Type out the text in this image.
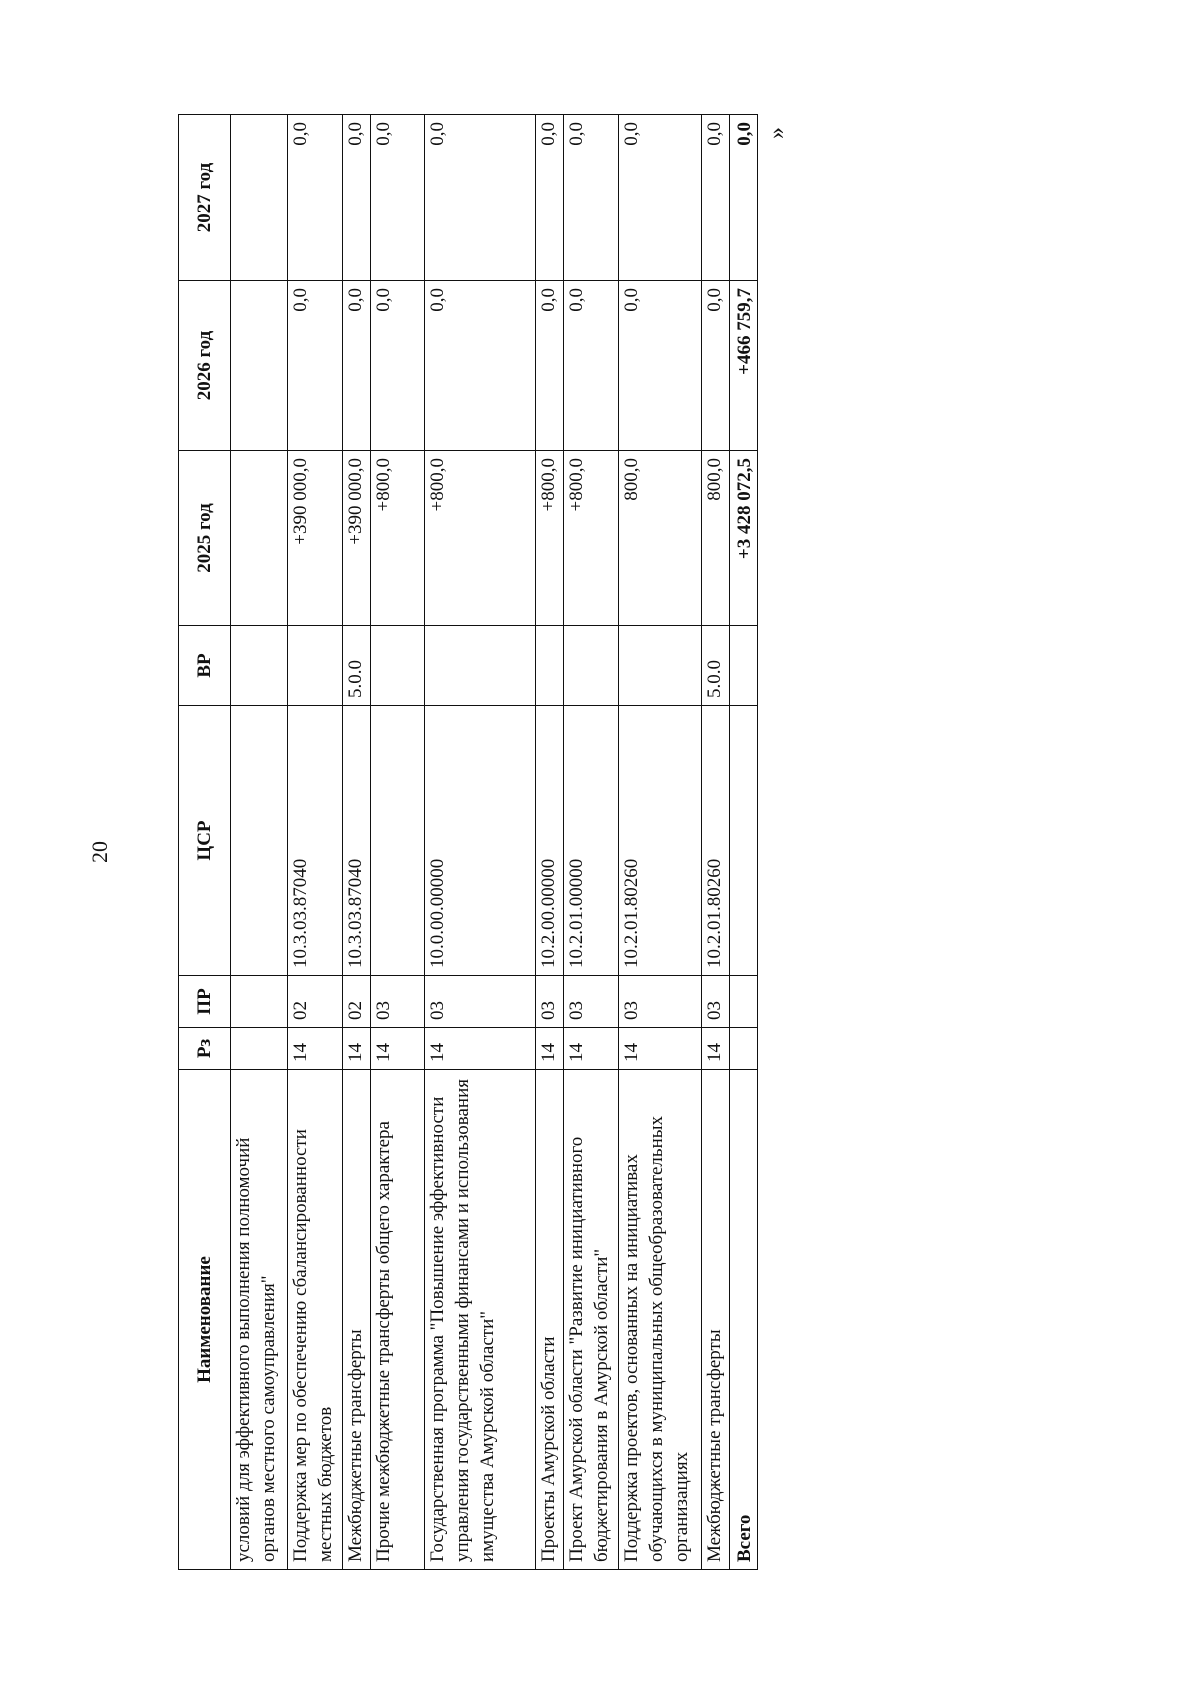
20
»
Наименование	Рз	ПР	ЦСР	ВР	2025 год	2026 год	2027 год
условий для эффективного выполнения полномочий органов местного самоуправления"							
Поддержка мер по обеспечению сбалансированности местных бюджетов	14	02	10.3.03.87040		+390 000,0	0,0	0,0
Межбюджетные трансферты	14	02	10.3.03.87040	5.0.0	+390 000,0	0,0	0,0
Прочие межбюджетные трансферты общего характера	14	03			+800,0	0,0	0,0
Государственная программа "Повышение эффективности управления государственными финансами и использования имущества Амурской области"	14	03	10.0.00.00000		+800,0	0,0	0,0
Проекты Амурской области	14	03	10.2.00.00000		+800,0	0,0	0,0
Проект Амурской области "Развитие инициативного бюджетирования в Амурской области"	14	03	10.2.01.00000		+800,0	0,0	0,0
Поддержка проектов, основанных на инициативах обучающихся в муниципальных общеобразовательных организациях	14	03	10.2.01.80260		800,0	0,0	0,0
Межбюджетные трансферты	14	03	10.2.01.80260	5.0.0	800,0	0,0	0,0
Всего					+3 428 072,5	+466 759,7	0,0
